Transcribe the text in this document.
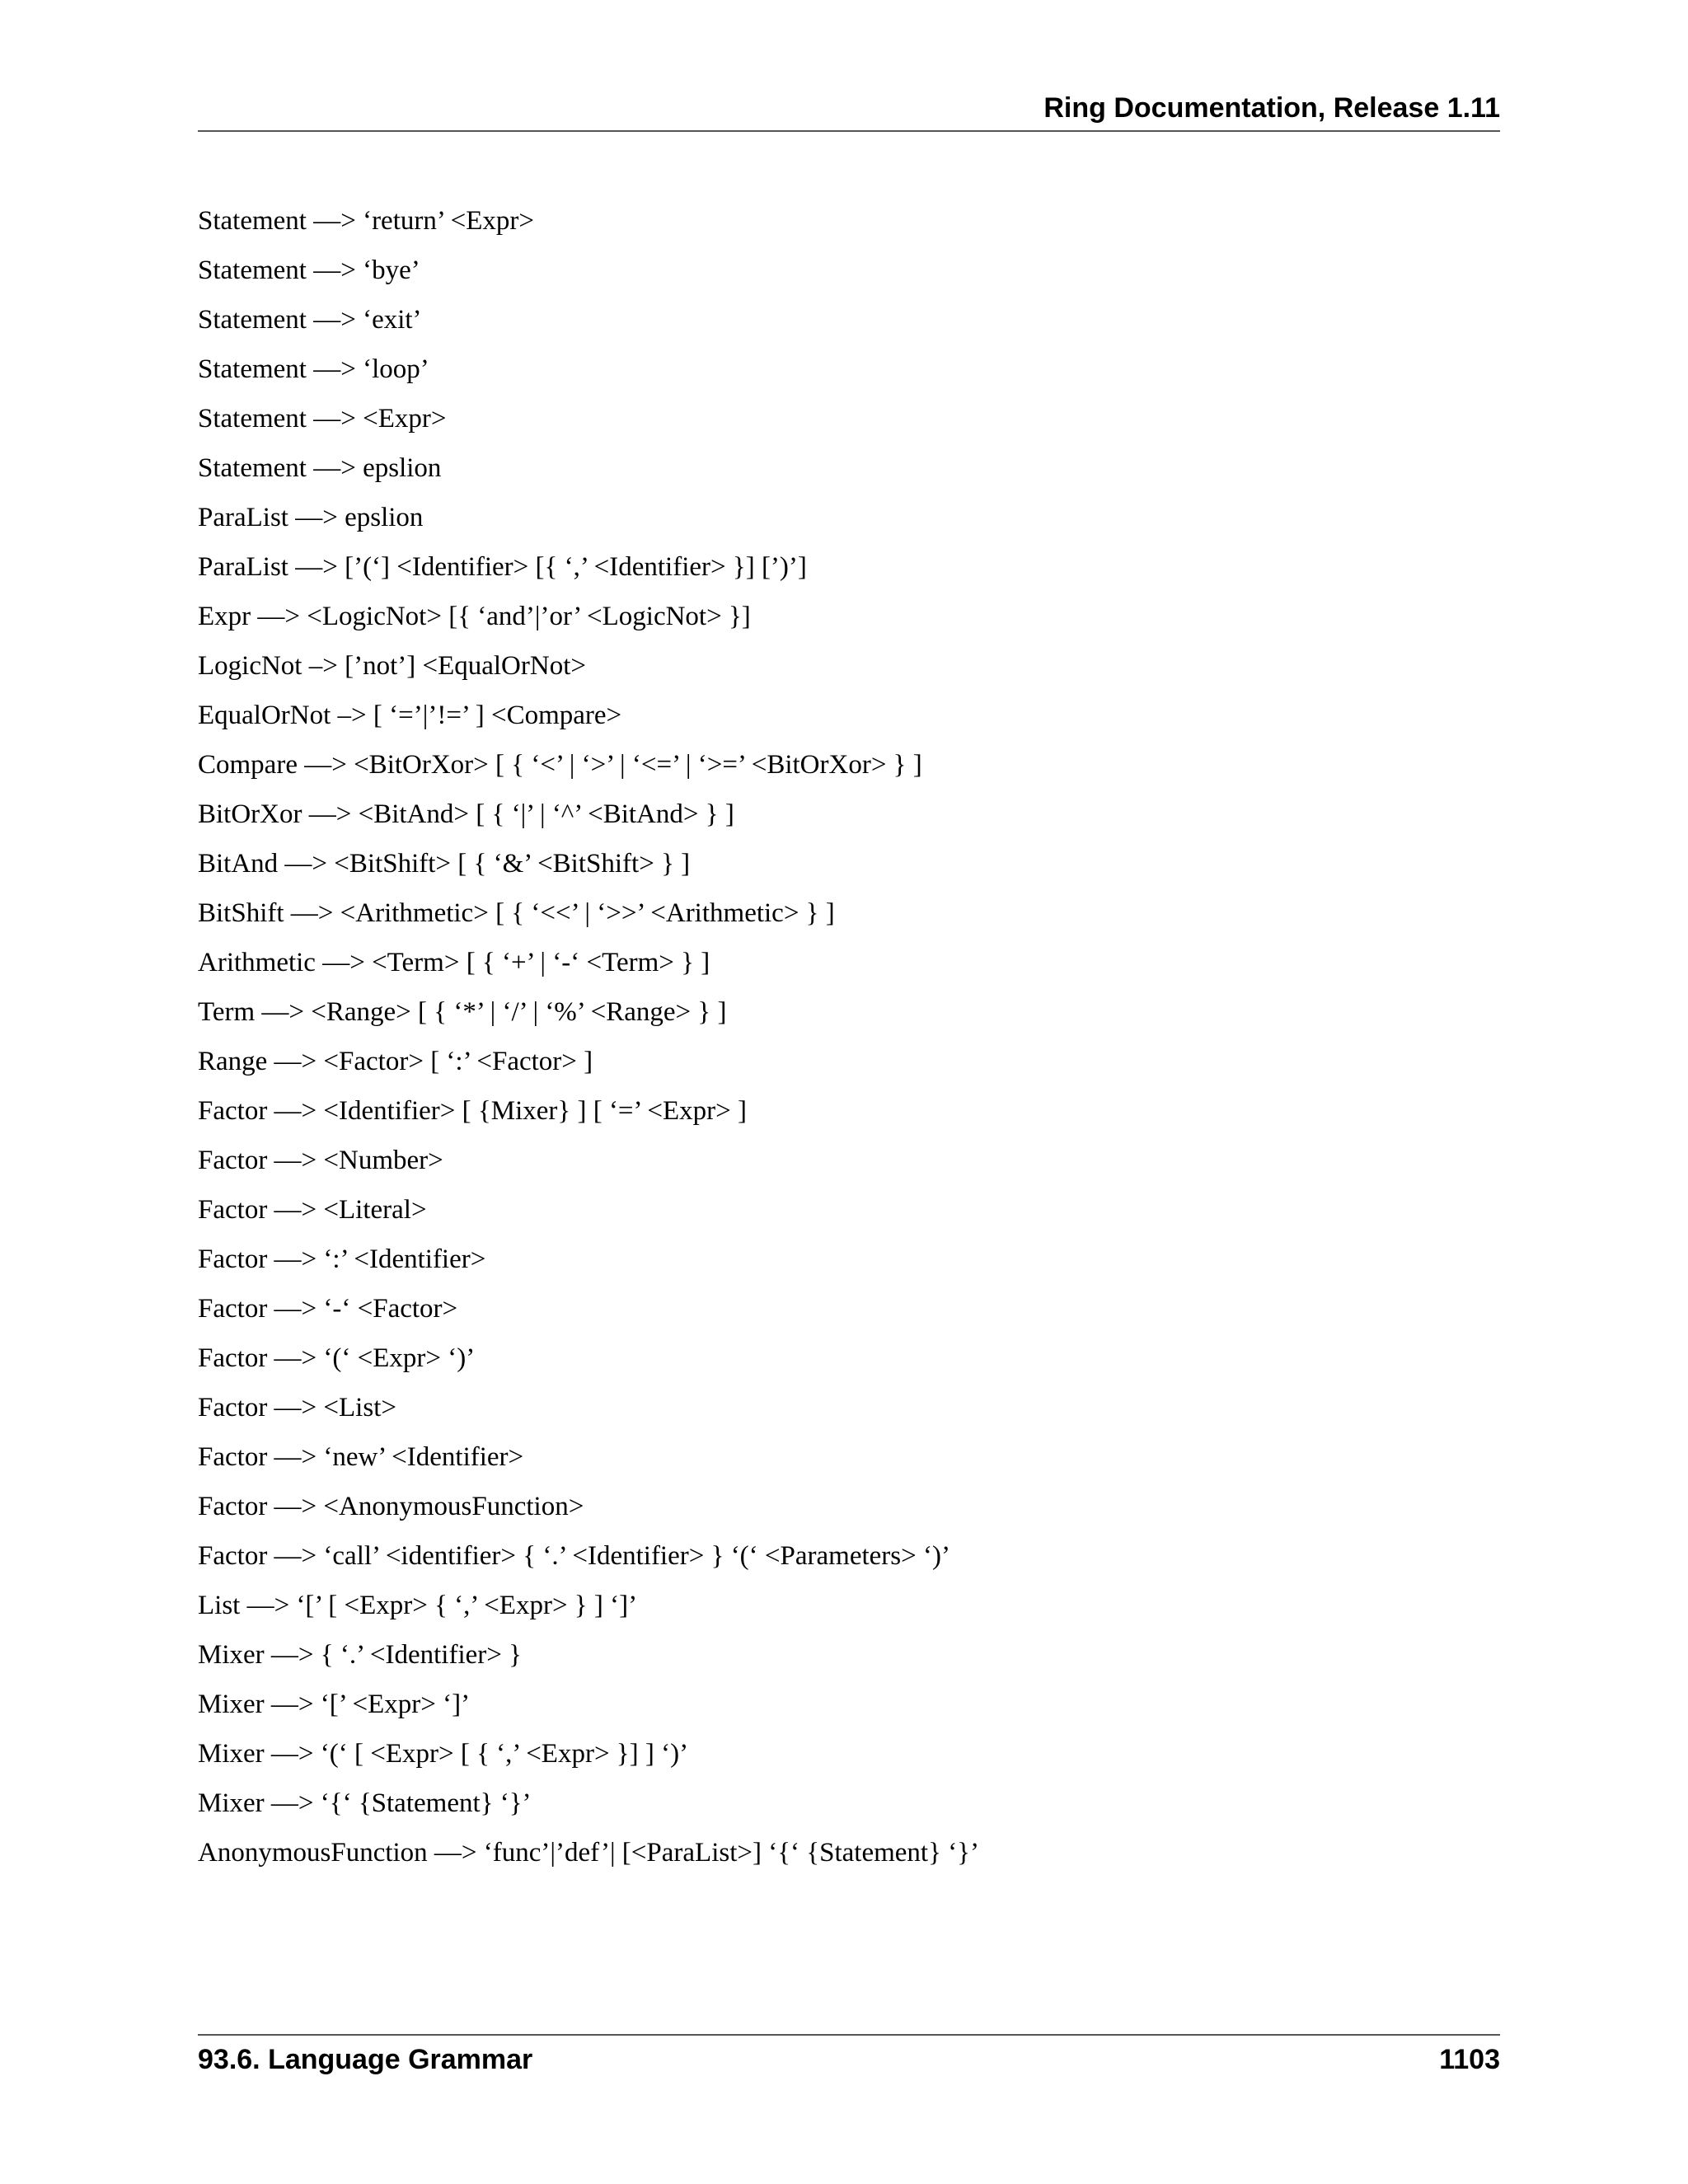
Ring Documentation, Release 1.11
Statement —> ‘return’ <Expr>
Statement —> ‘bye’
Statement —> ‘exit’
Statement —> ‘loop’
Statement —> <Expr>
Statement —> epslion
ParaList —> epslion
ParaList —> [’(‘] <Identifier> [{ ‘,’ <Identifier> }] [’)’]
Expr —> <LogicNot> [{ ‘and’|’or’ <LogicNot> }]
LogicNot –> [’not’] <EqualOrNot>
EqualOrNot –> [ ‘=’|’!=’ ] <Compare>
Compare —> <BitOrXor> [ { ‘<’ | ‘>’ | ‘<=’ | ‘>=’ <BitOrXor> } ]
BitOrXor —> <BitAnd> [ { ‘|’ | ‘^’ <BitAnd> } ]
BitAnd —> <BitShift> [ { ‘&’ <BitShift> } ]
BitShift —> <Arithmetic> [ { ‘<<’ | ‘>>’ <Arithmetic> } ]
Arithmetic —> <Term> [ { ‘+’ | ‘-‘ <Term> } ]
Term —> <Range> [ { ‘*’ | ‘/’ | ‘%’ <Range> } ]
Range —> <Factor> [ ‘:’ <Factor> ]
Factor —> <Identifier> [ {Mixer} ] [ ‘=’ <Expr> ]
Factor —> <Number>
Factor —> <Literal>
Factor —> ‘:’ <Identifier>
Factor —> ‘-‘ <Factor>
Factor —> ‘(‘ <Expr> ‘)’
Factor —> <List>
Factor —> ‘new’ <Identifier>
Factor —> <AnonymousFunction>
Factor —> ‘call’ <identifier> { ‘.’ <Identifier> } ‘(‘ <Parameters> ‘)’
List —> ‘[’ [ <Expr> { ‘,’ <Expr> } ] ‘]’
Mixer —> { ‘.’ <Identifier> }
Mixer —> ‘[’ <Expr> ‘]’
Mixer —> ‘(‘ [ <Expr> [ { ‘,’ <Expr> }] ] ‘)’
Mixer —> ‘{‘ {Statement} ‘}’
AnonymousFunction —> ‘func’|’def’| [<ParaList>] ‘{‘ {Statement} ‘}’
93.6. Language Grammar	1103
